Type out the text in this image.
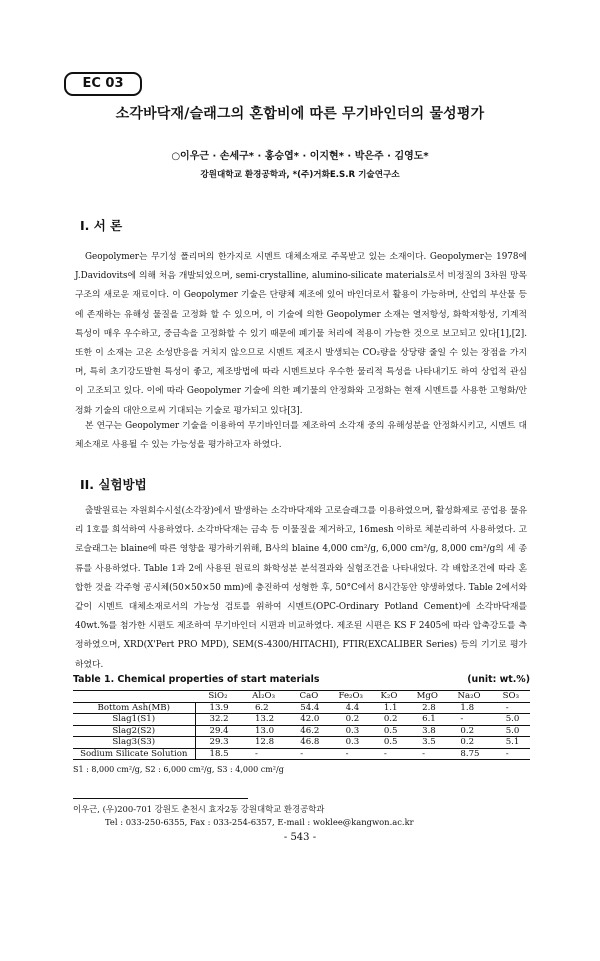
EC 03
소각바닥재/슬래그의 혼합비에 따른 무기바인더의 물성평가
○이우근 · 손세구* · 홍승엽* · 이지현* · 박은주 · 김영도*
강원대학교 환경공학과, *(주)거화E.S.R 기술연구소
I. 서 론

Geopolymer는 무기성 폴리머의 한가지로 시멘트 대체소재로 주목받고 있는 소재이다. Geopolymer는 1978에 J.Davidovits에 의해 처음 개발되었으며, semi-crystalline, alumino-silicate materials로서 비정질의 3차원 망목구조의 새로운 재료이다. 이 Geopolymer 기술은 단량체 제조에 있어 바인더로서 활용이 가능하며, 산업의 부산물 등에 존재하는 유해성 물질을 고정화 할 수 있으며, 이 기술에 의한 Geopolymer 소재는 열저항성, 화학저항성, 기계적 특성이 매우 우수하고, 중금속을 고정화할 수 있기 때문에 폐기물 처리에 적용이 가능한 것으로 보고되고 있다[1],[2]. 또한 이 소재는 고온 소성반응을 거치지 않으므로 시멘트 제조시 발생되는 CO₂량을 상당량 줄일 수 있는 장점을 가지며, 특히 초기강도발현 특성이 좋고, 제조방법에 따라 시멘트보다 우수한 물리적 특성을 나타내기도 하여 상업적 관심이 고조되고 있다. 이에 따라 Geopolymer 기술에 의한 폐기물의 안정화와 고정화는 현재 시멘트를 사용한 고형화/안정화 기술의 대안으로써 기대되는 기술로 평가되고 있다[3].

본 연구는 Geopolymer 기술을 이용하여 무기바인더를 제조하여 소각재 중의 유해성분을 안정화시키고, 시멘트 대체소재로 사용될 수 있는 가능성을 평가하고자 하였다.

II. 실험방법

출발원료는 자원회수시설(소각장)에서 발생하는 소각바닥재와 고로슬래그를 이용하였으며, 활성화제로 공업용 물유리 1호를 희석하여 사용하였다. 소각바닥재는 금속 등 이물질을 제거하고, 16mesh 이하로 체분리하여 사용하였다. 고로슬래그는 blaine에 따른 영향을 평가하기위해, B사의 blaine 4,000 cm²/g, 6,000 cm²/g, 8,000 cm²/g의 세 종류를 사용하였다. Table 1과 2에 사용된 원료의 화학성분 분석결과와 실험조건을 나타내었다. 각 배합조건에 따라 혼합한 것을 각주형 공시체(50×50×50 mm)에 충진하여 성형한 후, 50°C에서 8시간동안 양생하였다. Table 2에서와 같이 시멘트 대체소재로서의 가능성 검토를 위하여 시멘트(OPC-Ordinary Potland Cement)에 소각바닥재를 40wt.%를 첨가한 시편도 제조하여 무기바인더 시편과 비교하였다. 제조된 시편은 KS F 2405에 따라 압축강도를 측정하였으며, XRD(X'Pert PRO MPD), SEM(S-4300/HITACHI), FTIR(EXCALIBER Series) 등의 기기로 평가하였다.

Table 1. Chemical properties of start materials	(unit: wt.%)
	SiO₂	Al₂O₃	CaO	Fe₂O₃	K₂O	MgO	Na₂O	SO₃
Bottom Ash(MB)	13.9	6.2	54.4	4.4	1.1	2.8	1.8	-
Slag1(S1)	32.2	13.2	42.0	0.2	0.2	6.1	-	5.0
Slag2(S2)	29.4	13.0	46.2	0.3	0.5	3.8	0.2	5.0
Slag3(S3)	29.3	12.8	46.8	0.3	0.5	3.5	0.2	5.1
Sodium Silicate Solution	18.5	-	-	-	-	-	8.75	-
S1 : 8,000 cm²/g, S2 : 6,000 cm²/g, S3 : 4,000 cm²/g
이우근, (우)200-701 강원도 춘천시 효자2동 강원대학교 환경공학과
Tel : 033-250-6355, Fax : 033-254-6357, E-mail : woklee@kangwon.ac.kr
- 543 -
